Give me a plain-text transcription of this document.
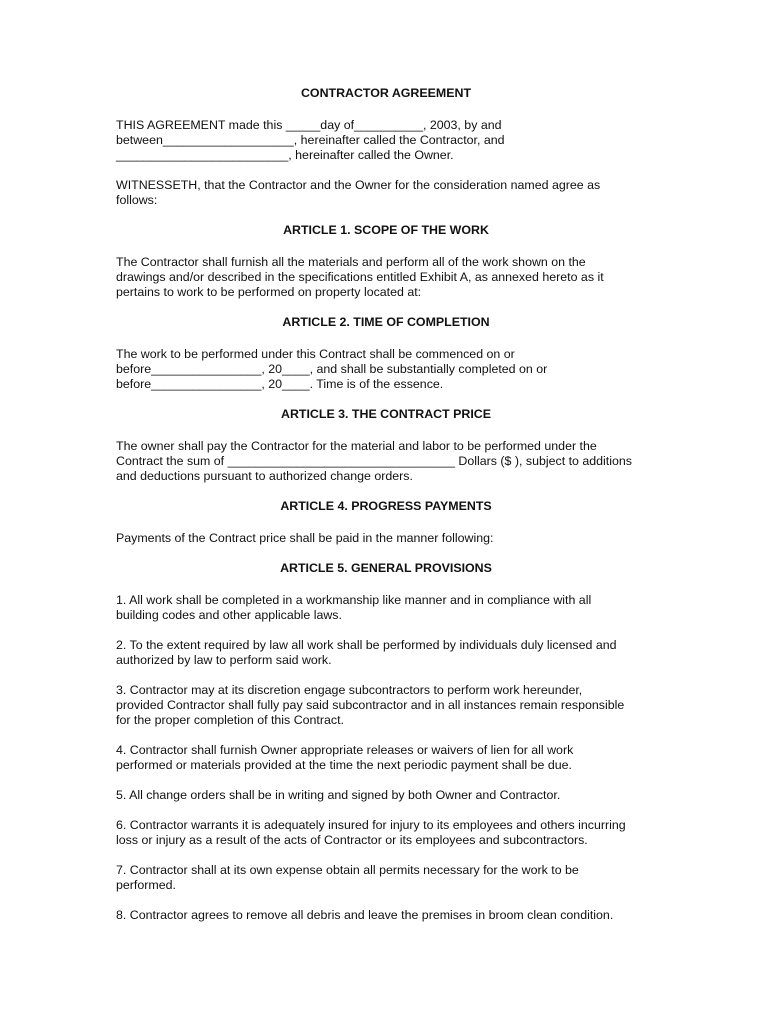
CONTRACTOR AGREEMENT
THIS AGREEMENT made this _____day of__________, 2003, by and
between___________________, hereinafter called the Contractor, and
_________________________, hereinafter called the Owner.
WITNESSETH, that the Contractor and the Owner for the consideration named agree as
follows:
ARTICLE 1. SCOPE OF THE WORK
The Contractor shall furnish all the materials and perform all of the work shown on the
drawings and/or described in the specifications entitled Exhibit A, as annexed hereto as it
pertains to work to be performed on property located at:
ARTICLE 2. TIME OF COMPLETION
The work to be performed under this Contract shall be commenced on or
before________________, 20____, and shall be substantially completed on or
before________________, 20____. Time is of the essence.
ARTICLE 3. THE CONTRACT PRICE
The owner shall pay the Contractor for the material and labor to be performed under the
Contract the sum of _________________________________ Dollars ($ ), subject to additions
and deductions pursuant to authorized change orders.
ARTICLE 4. PROGRESS PAYMENTS
Payments of the Contract price shall be paid in the manner following:
ARTICLE 5. GENERAL PROVISIONS
1. All work shall be completed in a workmanship like manner and in compliance with all
building codes and other applicable laws.
2. To the extent required by law all work shall be performed by individuals duly licensed and
authorized by law to perform said work.
3. Contractor may at its discretion engage subcontractors to perform work hereunder,
provided Contractor shall fully pay said subcontractor and in all instances remain responsible
for the proper completion of this Contract.
4. Contractor shall furnish Owner appropriate releases or waivers of lien for all work
performed or materials provided at the time the next periodic payment shall be due.
5. All change orders shall be in writing and signed by both Owner and Contractor.
6. Contractor warrants it is adequately insured for injury to its employees and others incurring
loss or injury as a result of the acts of Contractor or its employees and subcontractors.
7. Contractor shall at its own expense obtain all permits necessary for the work to be
performed.
8. Contractor agrees to remove all debris and leave the premises in broom clean condition.
